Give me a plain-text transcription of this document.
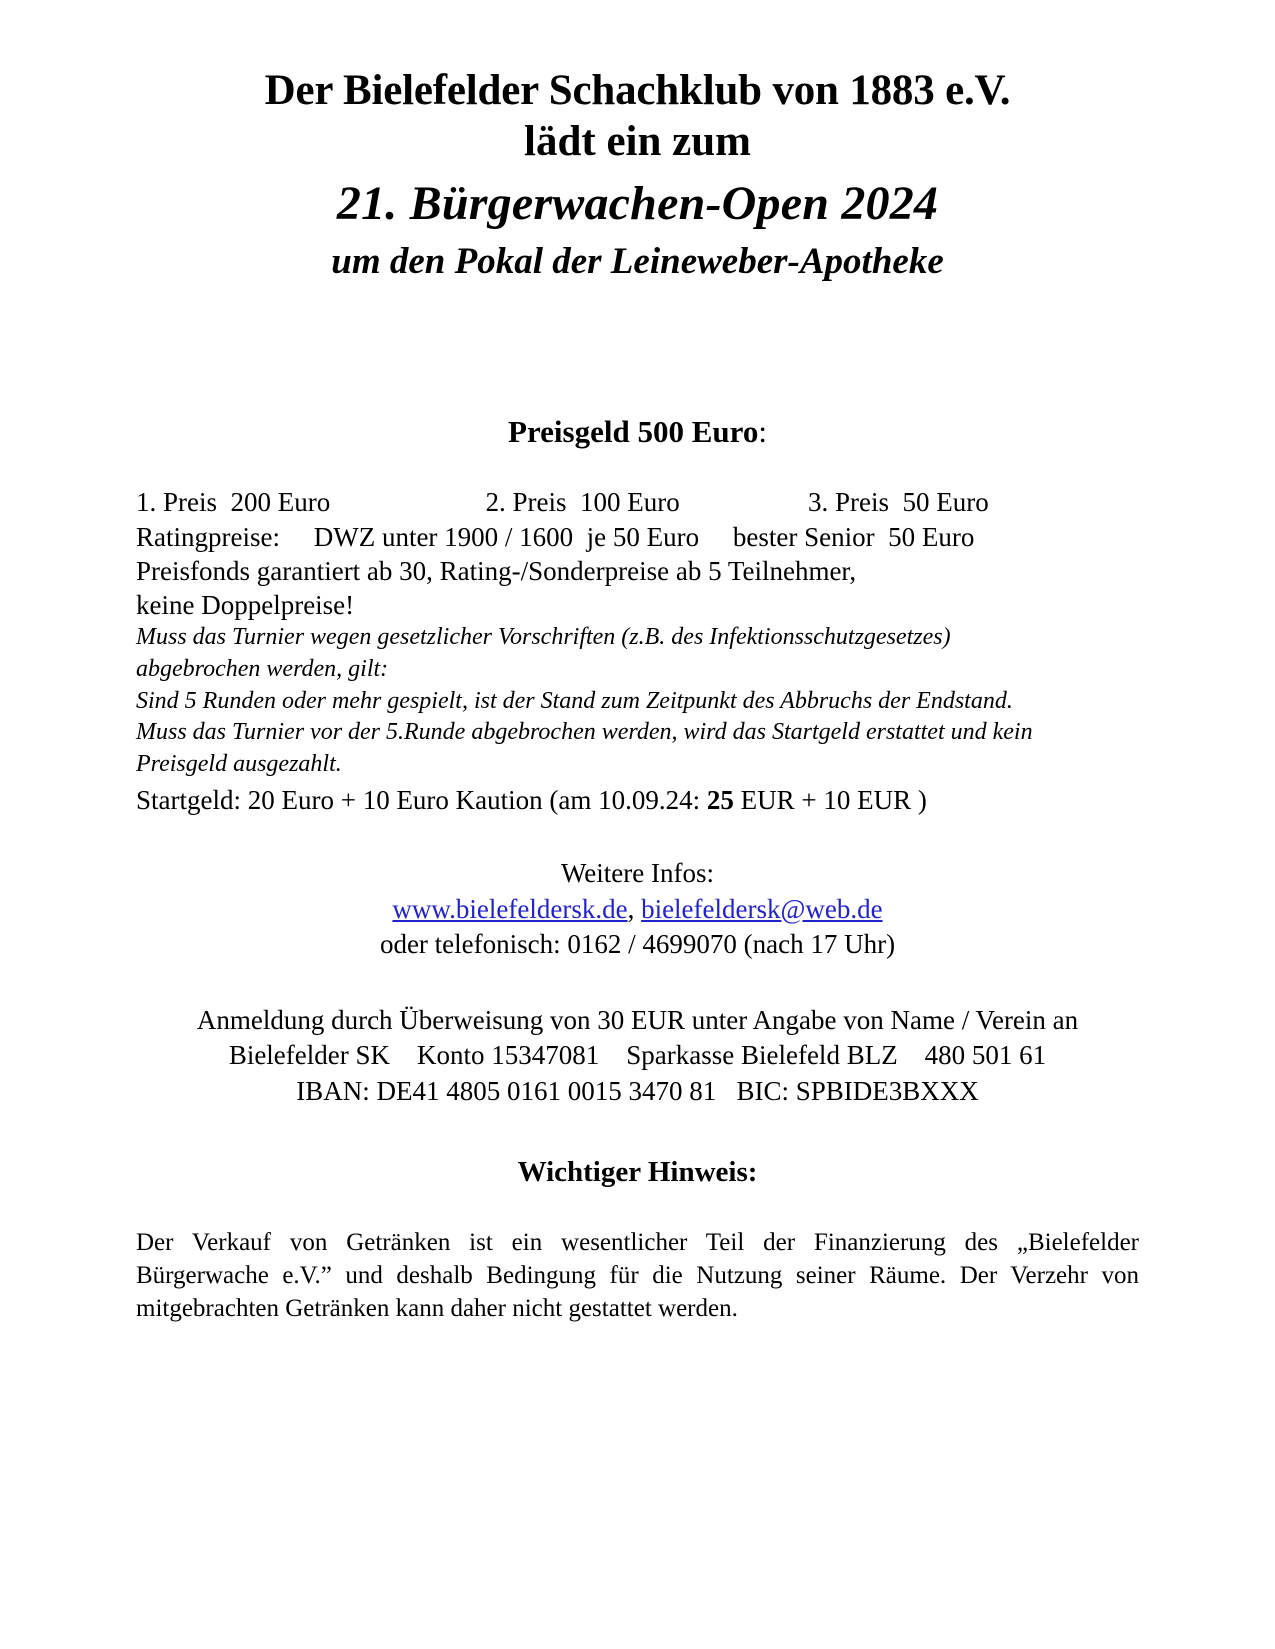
Der Bielefelder Schachklub von 1883 e.V.
lädt ein zum
21. Bürgerwachen-Open 2024
um den Pokal der Leineweber-Apotheke
Preisgeld 500 Euro:
1. Preis  200 Euro                       2. Preis  100 Euro                   3. Preis  50 Euro
Ratingpreise:     DWZ unter 1900 / 1600  je 50 Euro     bester Senior  50 Euro
Preisfonds garantiert ab 30, Rating-/Sonderpreise ab 5 Teilnehmer,
keine Doppelpreise!
Muss das Turnier wegen gesetzlicher Vorschriften (z.B. des Infektionsschutzgesetzes)
abgebrochen werden, gilt:
Sind 5 Runden oder mehr gespielt, ist der Stand zum Zeitpunkt des Abbruchs der Endstand.
Muss das Turnier vor der 5.Runde abgebrochen werden, wird das Startgeld erstattet und kein
Preisgeld ausgezahlt.
Startgeld: 20 Euro + 10 Euro Kaution (am 10.09.24: 25 EUR + 10 EUR )
Weitere Infos:
www.bielefeldersk.de, bielefeldersk@web.de
oder telefonisch: 0162 / 4699070 (nach 17 Uhr)
Anmeldung durch Überweisung von 30 EUR unter Angabe von Name / Verein an
Bielefelder SK    Konto 15347081    Sparkasse Bielefeld BLZ    480 501 61
IBAN: DE41 4805 0161 0015 3470 81   BIC: SPBIDE3BXXX
Wichtiger Hinweis:
Der Verkauf von Getränken ist ein wesentlicher Teil der Finanzierung des „Bielefelder Bürgerwache e.V.” und deshalb Bedingung für die Nutzung seiner Räume. Der Verzehr von mitgebrachten Getränken kann daher nicht gestattet werden.
